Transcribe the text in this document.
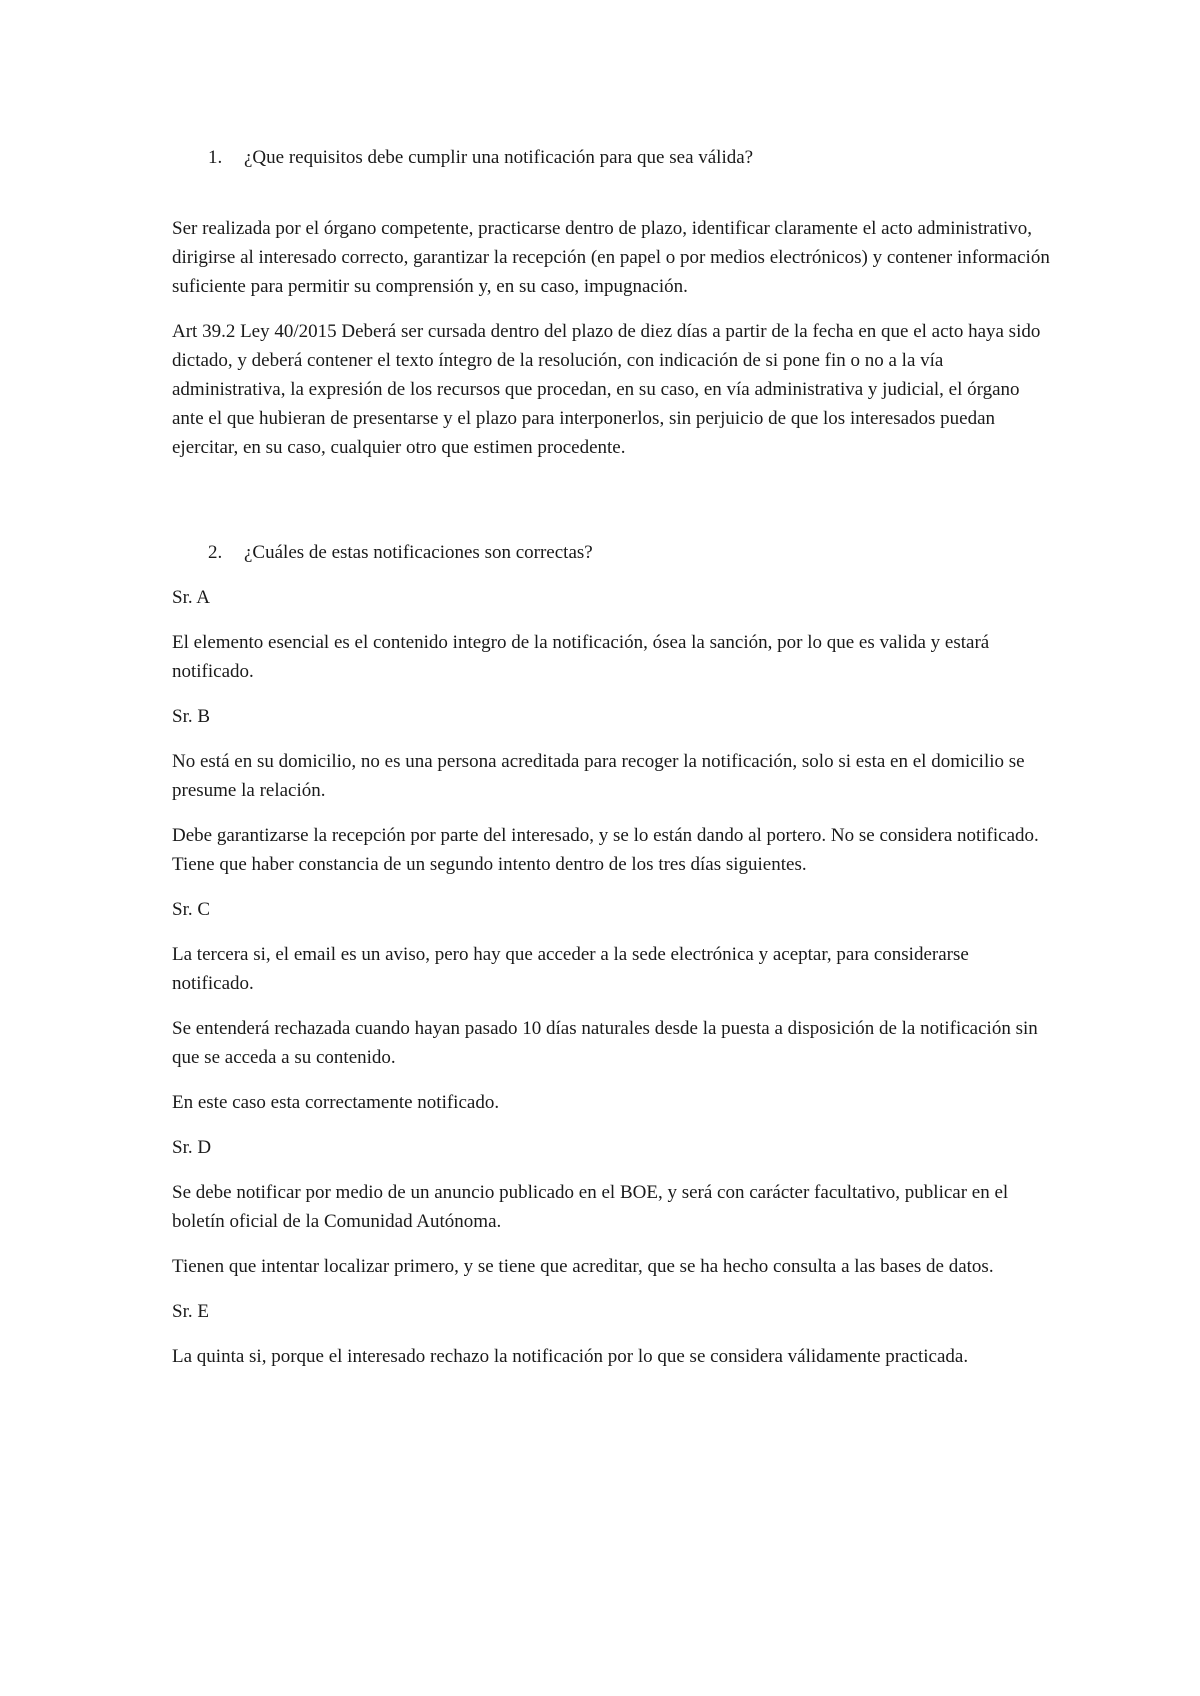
1.	¿Que requisitos debe cumplir una notificación para que sea válida?

Ser realizada por el órgano competente, practicarse dentro de plazo, identificar claramente el acto administrativo, dirigirse al interesado correcto, garantizar la recepción (en papel o por medios electrónicos) y contener información suficiente para permitir su comprensión y, en su caso, impugnación.

Art 39.2 Ley 40/2015 Deberá ser cursada dentro del plazo de diez días a partir de la fecha en que el acto haya sido dictado, y deberá contener el texto íntegro de la resolución, con indicación de si pone fin o no a la vía administrativa, la expresión de los recursos que procedan, en su caso, en vía administrativa y judicial, el órgano ante el que hubieran de presentarse y el plazo para interponerlos, sin perjuicio de que los interesados puedan ejercitar, en su caso, cualquier otro que estimen procedente.

2.	¿Cuáles de estas notificaciones son correctas?

Sr. A

El elemento esencial es el contenido integro de la notificación, ósea la sanción, por lo que es valida y estará notificado.

Sr. B

No está en su domicilio, no es una persona acreditada para recoger la notificación, solo si esta en el domicilio se presume la relación.

Debe garantizarse la recepción por parte del interesado, y se lo están dando al portero. No se considera notificado. Tiene que haber constancia de un segundo intento dentro de los tres días siguientes.

Sr. C

La tercera si, el email es un aviso, pero hay que acceder a la sede electrónica y aceptar, para considerarse notificado.

Se entenderá rechazada cuando hayan pasado 10 días naturales desde la puesta a disposición de la notificación sin que se acceda a su contenido.

En este caso esta correctamente notificado.

Sr. D

Se debe notificar por medio de un anuncio publicado en el BOE, y será con carácter facultativo, publicar en el boletín oficial de la Comunidad Autónoma.

Tienen que intentar localizar primero, y se tiene que acreditar, que se ha hecho consulta a las bases de datos.

Sr. E

La quinta si, porque el interesado rechazo la notificación por lo que se considera válidamente practicada.
